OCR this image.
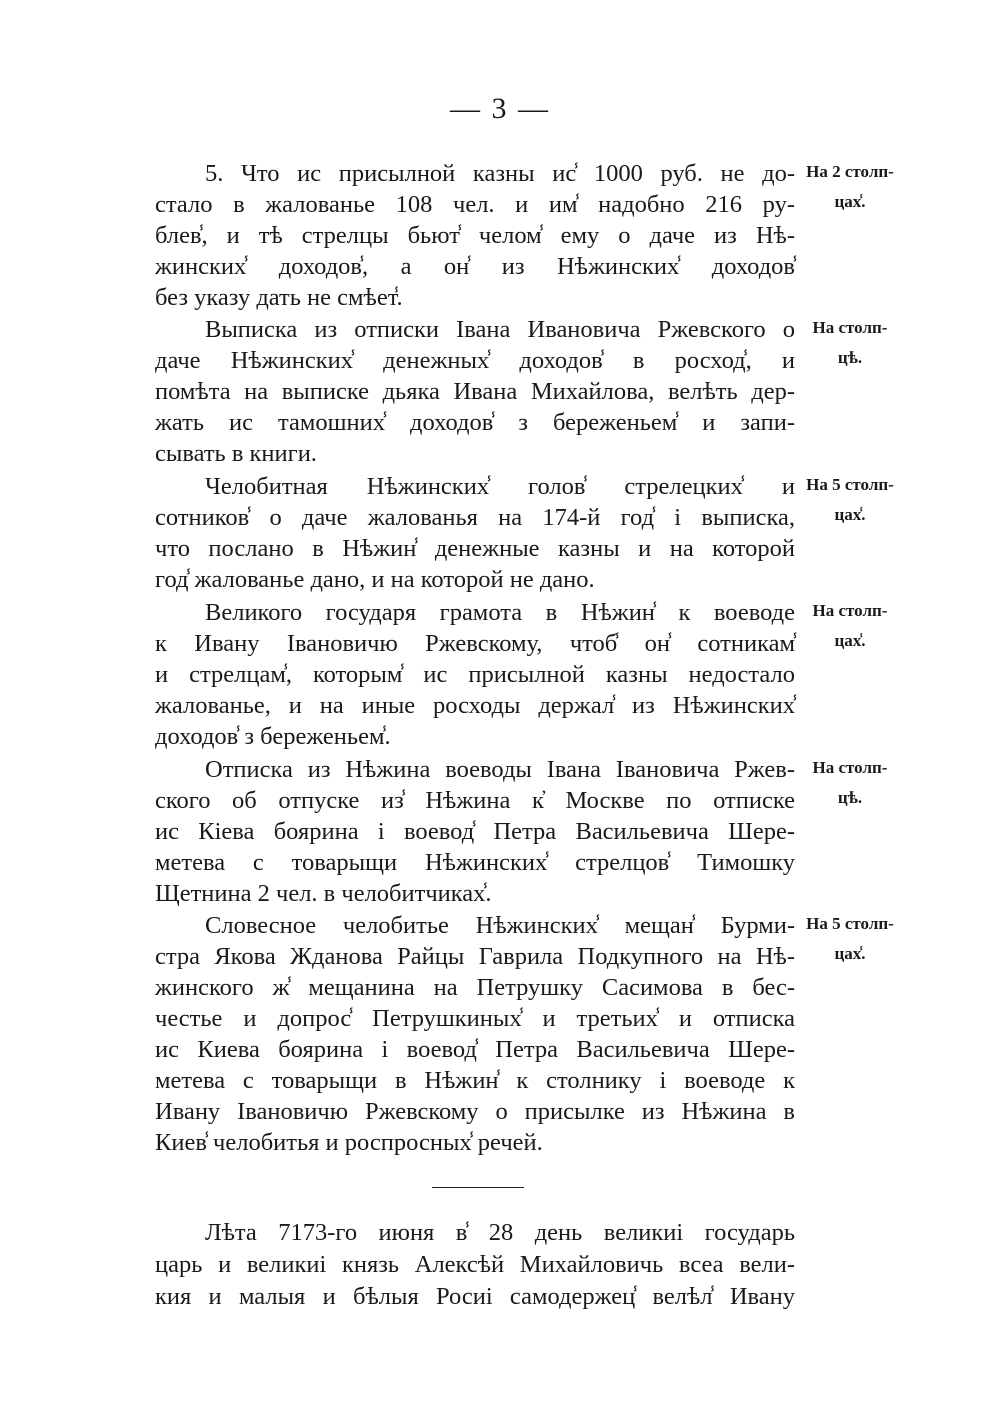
— 3 —
5. Что ис присылной казны ис̾ 1000 руб. не до-
стало в жалованье 108 чел. и им̾ надобно 216 ру-
блев̾, и тѣ стрелцы бьют̾ челом̾ ему о даче из Нѣ-
жинских̾ доходов̾, а он̾ из Нѣжинских̾ доходов̾
без указу дать не смѣет̾.
На 2 столп-
цах̾.
Выписка из отписки Івана Ивановича Ржевского о
даче Нѣжинских̾ денежных̾ доходов̾ в росход̾, и
помѣта на выписке дьяка Ивана Михайлова, велѣть дер-
жать ис тамошних̾ доходов̾ з береженьем̾ и запи-
сывать в книги.
На столп-
цѣ.
Челобитная Нѣжинских̾ голов̾ стрелецких̾ и
сотников̾ о даче жалованья на 174-й год̾ і выписка,
что послано в Нѣжин̾ денежные казны и на которой
год̾ жалованье дано, и на которой не дано.
На 5 столп-
цах̾.
Великого государя грамота в Нѣжин̾ к воеводе
к Ивану Івановичю Ржевскому, чтоб̾ он̾ сотникам̾
и стрелцам̾, которым̾ ис присылной казны недостало
жалованье, и на иные росходы держал̾ из Нѣжинских̾
доходов̾ з береженьем̾.
На столп-
цах̾.
Отписка из Нѣжина воеводы Івана Івановича Ржев-
ского об отпуске из̾ Нѣжина к̓ Москве по отписке
ис Кіева боярина і воевод̾ Петра Васильевича Шере-
метева с товарыщи Нѣжинских̾ стрелцов̾ Тимошку
Щетнина 2 чел. в челобитчиках̾.
На столп-
цѣ.
Словесное челобитье Нѣжинских̾ мещан̾ Бурми-
стра Якова Жданова Райцы Гаврила Подкупного на Нѣ-
жинского ж̾ мещанина на Петрушку Сасимова в бес-
честье и допрос̾ Петрушкиных̾ и третьих̾ и отписка
ис Киева боярина і воевод̾ Петра Васильевича Шере-
метева с товарыщи в Нѣжин̾ к столнику і воеводе к
Ивану Івановичю Ржевскому о присылке из Нѣжина в
Киев̾ челобитья и роспросных̾ речей.
На 5 столп-
цах̾.
Лѣта 7173-го июня в̾ 28 день великиі государь
царь и великиі князь Алексѣй Михайловичь всеа вели-
кия и малыя и бѣлыя Росиі самодержец̾ велѣл̾ Ивану
